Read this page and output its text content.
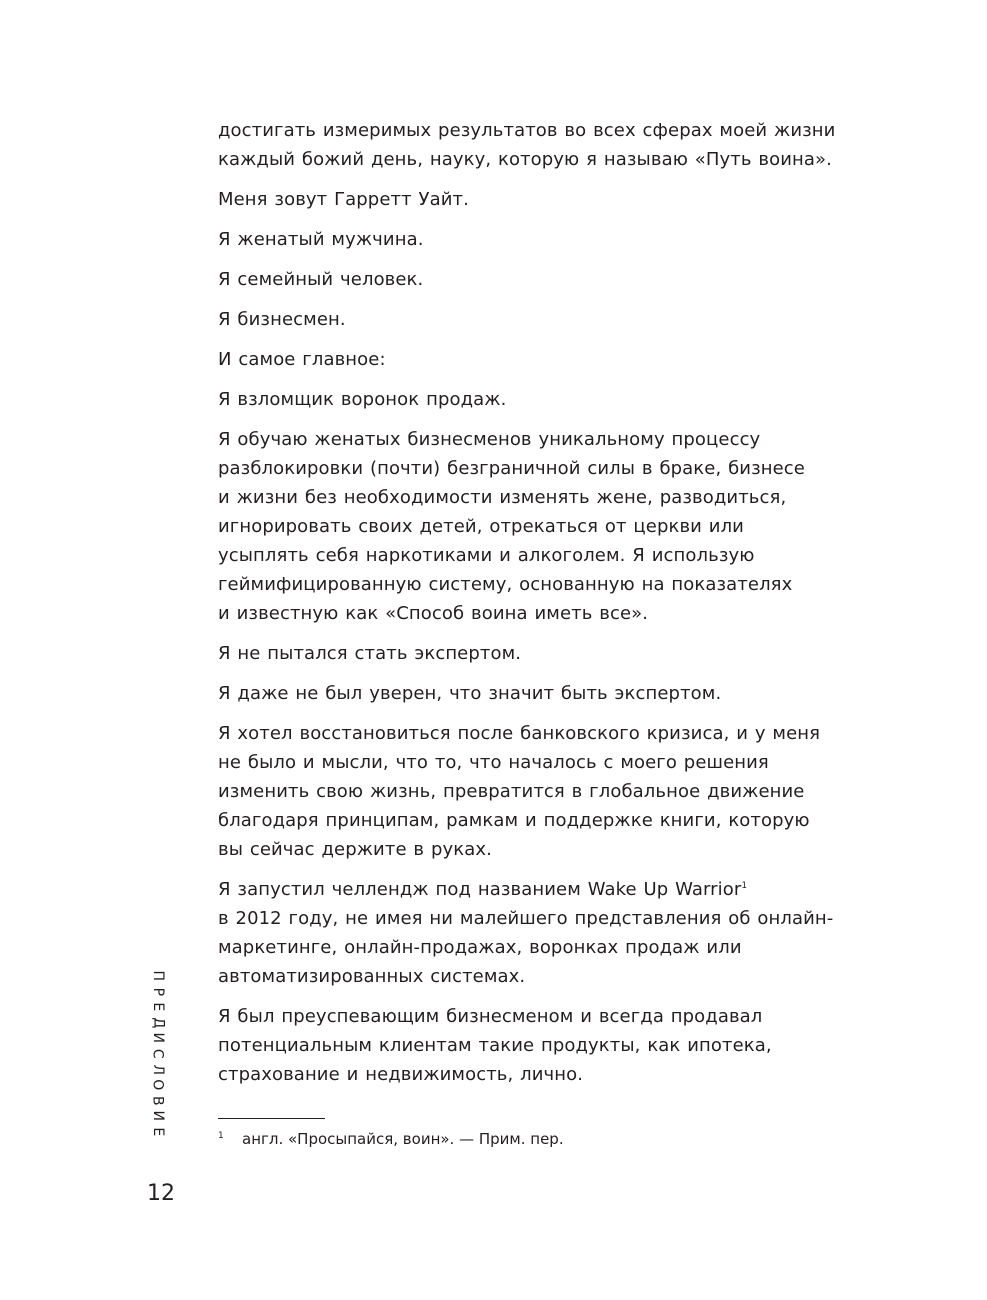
достигать измеримых результатов во всех сферах моей жизни
каждый божий день, науку, которую я называю «Путь воина».

Меня зовут Гарретт Уайт.

Я женатый мужчина.

Я семейный человек.

Я бизнесмен.

И самое главное:

Я взломщик воронок продаж.

Я обучаю женатых бизнесменов уникальному процессу
разблокировки (почти) безграничной силы в браке, бизнесе
и жизни без необходимости изменять жене, разводиться,
игнорировать своих детей, отрекаться от церкви или
усыплять себя наркотиками и алкоголем. Я использую
геймифицированную систему, основанную на показателях
и известную как «Способ воина иметь все».

Я не пытался стать экспертом.

Я даже не был уверен, что значит быть экспертом.

Я хотел восстановиться после банковского кризиса, и у меня
не было и мысли, что то, что началось с моего решения
изменить свою жизнь, превратится в глобальное движение
благодаря принципам, рамкам и поддержке книги, которую
вы сейчас держите в руках.

Я запустил челлендж под названием Wake Up Warrior$^1$
в 2012 году, не имея ни малейшего представления об онлайн-
маркетинге, онлайн-продажах, воронках продаж или
автоматизированных системах.

Я был преуспевающим бизнесменом и всегда продавал
потенциальным клиентам такие продукты, как ипотека,
страхование и недвижимость, лично.

1 англ. «Просыпайся, воин». — Прим. пер.
П
Р
Е
Д
И
С
Л
О
В
И
Е
12
